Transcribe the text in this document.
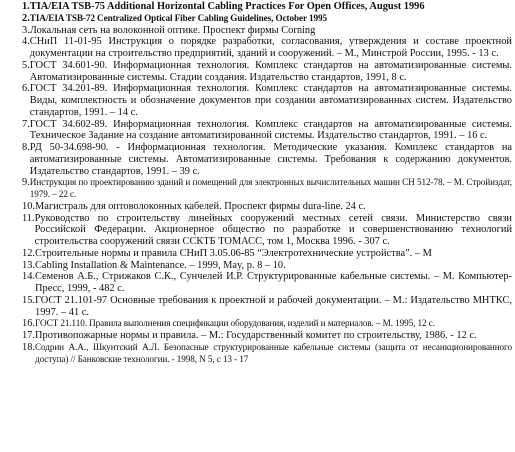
1. TIA/EIA TSB-75 Additional Horizontal Cabling Practices For Open Offices, August 1996
2. TIA/EIA TSB-72 Centralized Optical Fiber Cabling Guidelines, October 1995
3. Локальная сеть на волоконной оптике. Проспект фирмы Corning
4. СНиП 11-01-95 Инструкция о порядке разработки, согласования, утверждения и составе проектной документации на строительство предприятий, зданий и сооружений. – М., Минстрой России, 1995. - 13 с.
5. ГОСТ 34.601-90. Информационная технология. Комплекс стандартов на автоматизированные системы. Автоматизированные системы. Стадии создания. Издательство стандартов, 1991, 8 с.
6. ГОСТ 34.201-89. Информационная технология. Комплекс стандартов на автоматизированные системы. Виды, комплектность и обозначение документов при создании автоматизированных систем. Издательство стандартов, 1991. – 14 с.
7. ГОСТ 34.602-89. Информационная технология. Комплекс стандартов на автоматизированные системы. Техническое Задание на создание автоматизированной системы. Издательство стандартов, 1991. – 16 с.
8. РД 50-34.698-90. - Информационная технология. Методические указания. Комплекс стандартов на автоматизированные системы. Автоматизированные системы. Требования к содержанию документов. Издательство стандартов, 1991. – 39 с.
9. Инструкция по проектированию зданий и помещений для электронных вычислительных машин СН 512-78. – М. Стройиздат, 1979. – 22 с.
10. Магистраль для оптоволоконных кабелей. Проспект фирмы dura-line. 24 с.
11. Руководство по строительству линейных сооружений местных сетей связи. Министерство связи Российской Федерации. Акционерное общество по разработке и совершенствованию технологий строительства сооружений связи ССКТБ ТОМАСС, том 1, Москва 1996. - 307 с.
12. Строительные нормы и правила СНиП 3.05.06-85 “Электротехнические устройства”. – М
13. Cabling Installation & Maintenance. – 1999, May, p. 8 – 10.
14. Семенов А.Б., Стрижаков С.К., Сунчелей И.Р. Структурированные кабельные системы. – М. Компьютер-Пресс, 1999, - 482 с.
15. ГОСТ 21.101-97 Основные требования к проектной и рабочей документации. – М.: Издательство МНТКС, 1997. – 41 с.
16. ГОСТ 21.110. Правила выполнения спецификации оборудования, изделий и материалов. – М. 1995, 12 с.
17. Противопожарные нормы и правила. – М.: Государственный комитет по строительству, 1986. - 12 с.
18. Содрин А.А., Шкунтский А.Л. Безопасные структурированные кабельные системы (защита от несанкционированного доступа) // Банковские технологии. - 1998, N 5, с 13 - 17
